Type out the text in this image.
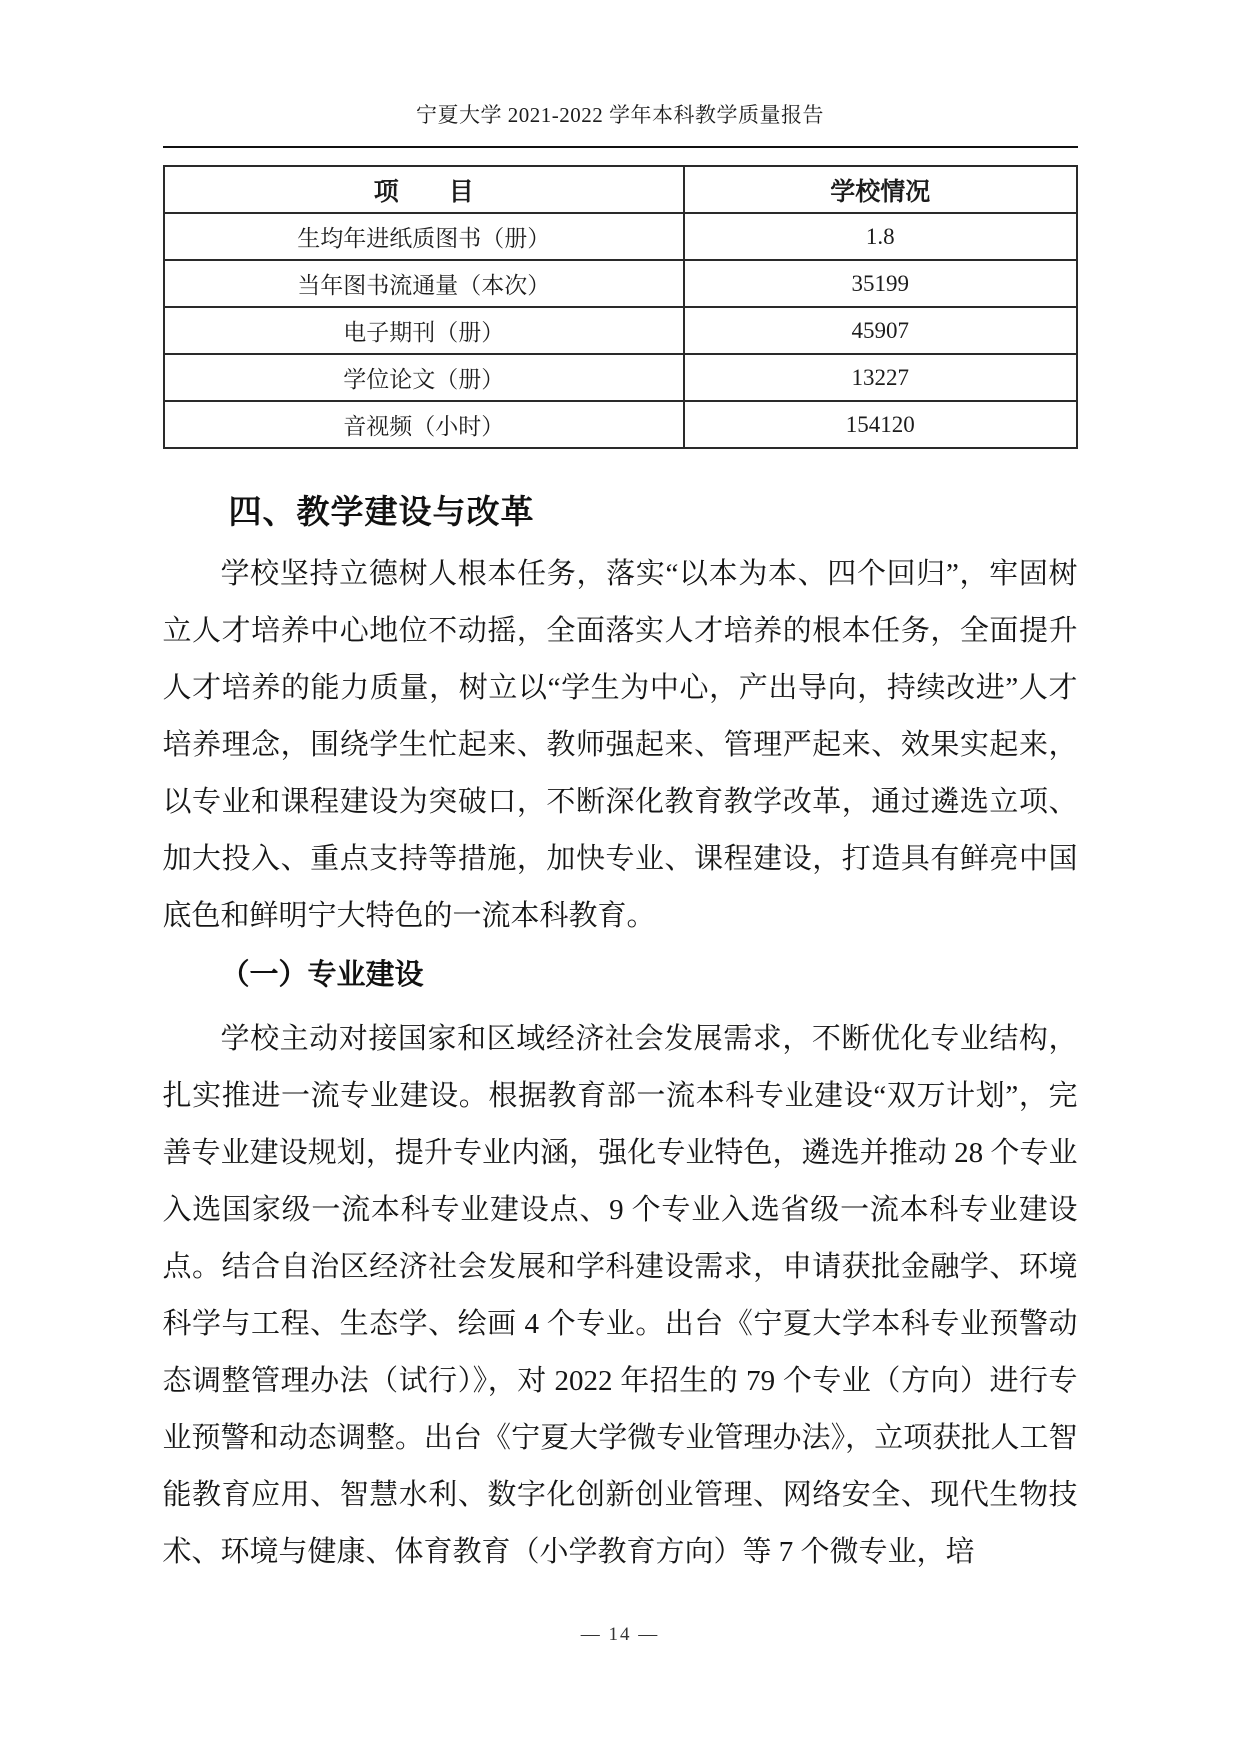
宁夏大学 2021-2022 学年本科教学质量报告
项　　目	学校情况
生均年进纸质图书（册）	1.8
当年图书流通量（本次）	35199
电子期刊（册）	45907
学位论文（册）	13227
音视频（小时）	154120
四、教学建设与改革

学校坚持立德树人根本任务，落实“以本为本、四个回归”，牢固树立人才培养中心地位不动摇，全面落实人才培养的根本任务，全面提升人才培养的能力质量，树立以“学生为中心，产出导向，持续改进”人才培养理念，围绕学生忙起来、教师强起来、管理严起来、效果实起来，以专业和课程建设为突破口，不断深化教育教学改革，通过遴选立项、加大投入、重点支持等措施，加快专业、课程建设，打造具有鲜亮中国底色和鲜明宁大特色的一流本科教育。

（一）专业建设

学校主动对接国家和区域经济社会发展需求，不断优化专业结构，扎实推进一流专业建设。根据教育部一流本科专业建设“双万计划”，完善专业建设规划，提升专业内涵，强化专业特色，遴选并推动 28 个专业入选国家级一流本科专业建设点、9 个专业入选省级一流本科专业建设点。结合自治区经济社会发展和学科建设需求，申请获批金融学、环境科学与工程、生态学、绘画 4 个专业。出台《宁夏大学本科专业预警动态调整管理办法（试行）》，对 2022 年招生的 79 个专业（方向）进行专业预警和动态调整。出台《宁夏大学微专业管理办法》，立项获批人工智能教育应用、智慧水利、数字化创新创业管理、网络安全、现代生物技术、环境与健康、体育教育（小学教育方向）等 7 个微专业，培

— 14 —
